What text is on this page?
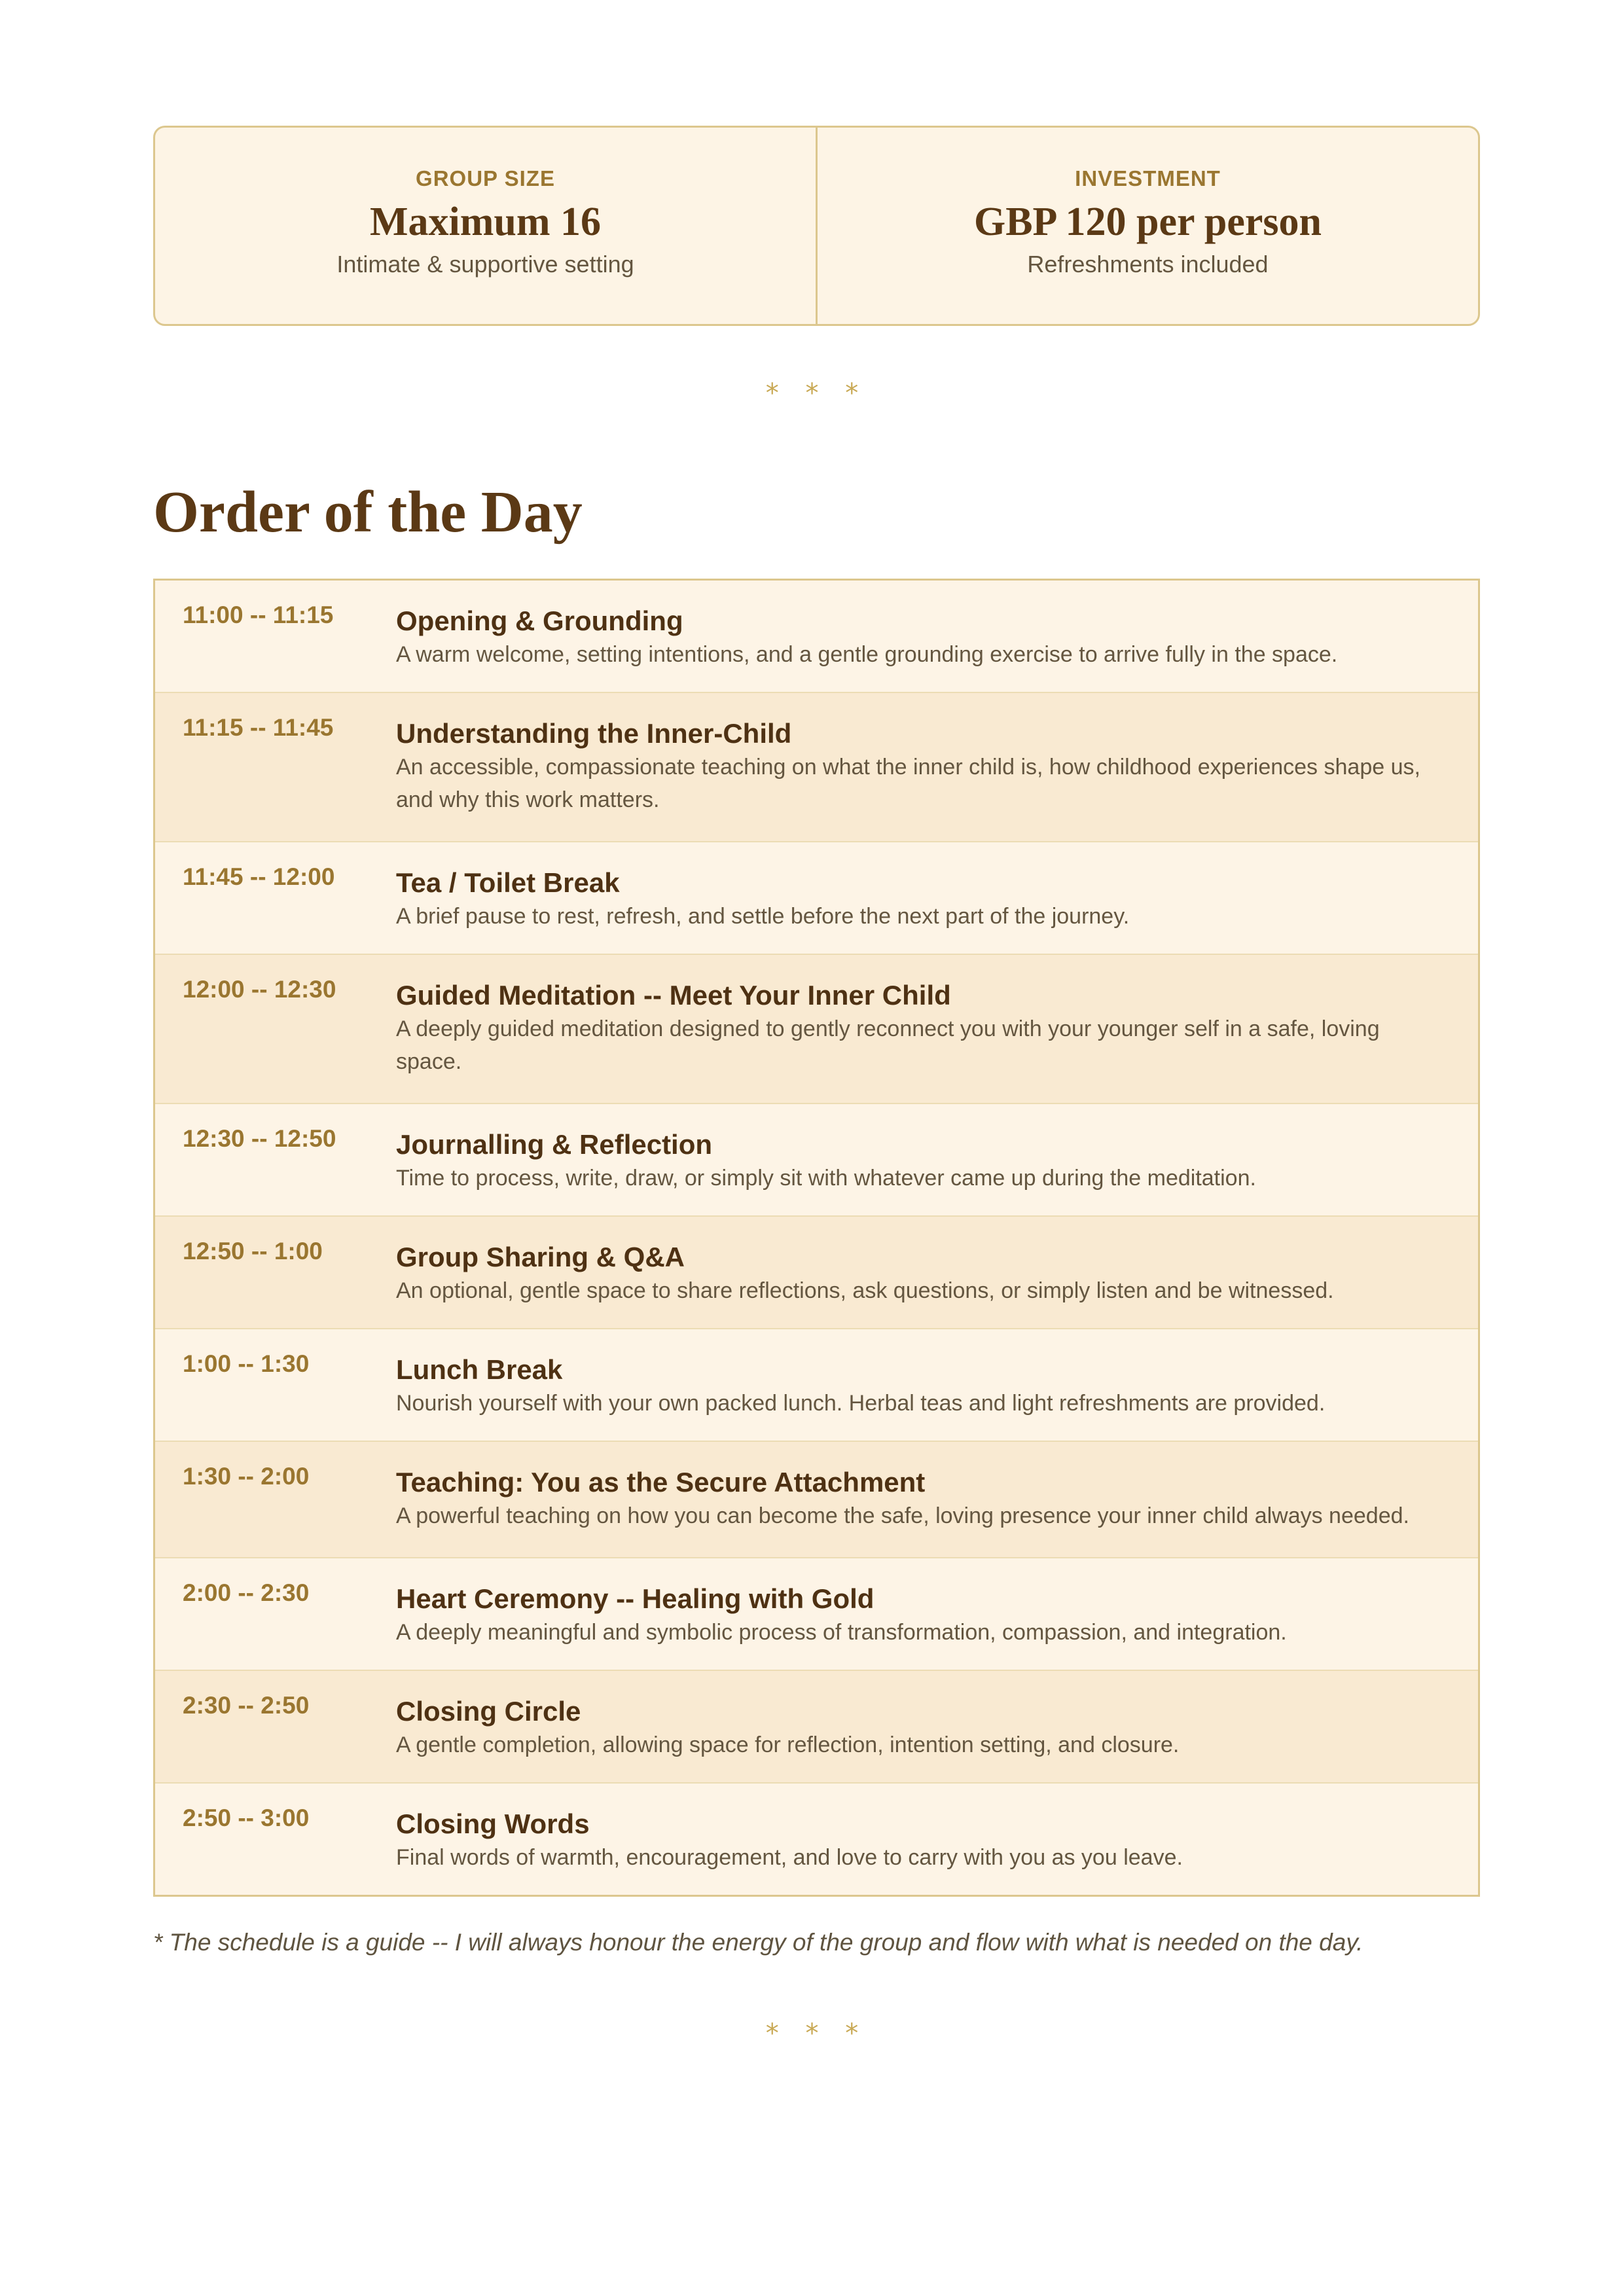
GROUP SIZE
Maximum 16
Intimate & supportive setting
INVESTMENT
GBP 120 per person
Refreshments included
* * *
Order of the Day
11:00 -- 11:15	Opening & Grounding
A warm welcome, setting intentions, and a gentle grounding exercise to arrive fully in the space.
11:15 -- 11:45	Understanding the Inner-Child
An accessible, compassionate teaching on what the inner child is, how childhood experiences shape us, and why this work matters.
11:45 -- 12:00	Tea / Toilet Break
A brief pause to rest, refresh, and settle before the next part of the journey.
12:00 -- 12:30	Guided Meditation -- Meet Your Inner Child
A deeply guided meditation designed to gently reconnect you with your younger self in a safe, loving space.
12:30 -- 12:50	Journalling & Reflection
Time to process, write, draw, or simply sit with whatever came up during the meditation.
12:50 -- 1:00	Group Sharing & Q&A
An optional, gentle space to share reflections, ask questions, or simply listen and be witnessed.
1:00 -- 1:30	Lunch Break
Nourish yourself with your own packed lunch. Herbal teas and light refreshments are provided.
1:30 -- 2:00	Teaching: You as the Secure Attachment
A powerful teaching on how you can become the safe, loving presence your inner child always needed.
2:00 -- 2:30	Heart Ceremony -- Healing with Gold
A deeply meaningful and symbolic process of transformation, compassion, and integration.
2:30 -- 2:50	Closing Circle
A gentle completion, allowing space for reflection, intention setting, and closure.
2:50 -- 3:00	Closing Words
Final words of warmth, encouragement, and love to carry with you as you leave.
* The schedule is a guide -- I will always honour the energy of the group and flow with what is needed on the day.
* * *
